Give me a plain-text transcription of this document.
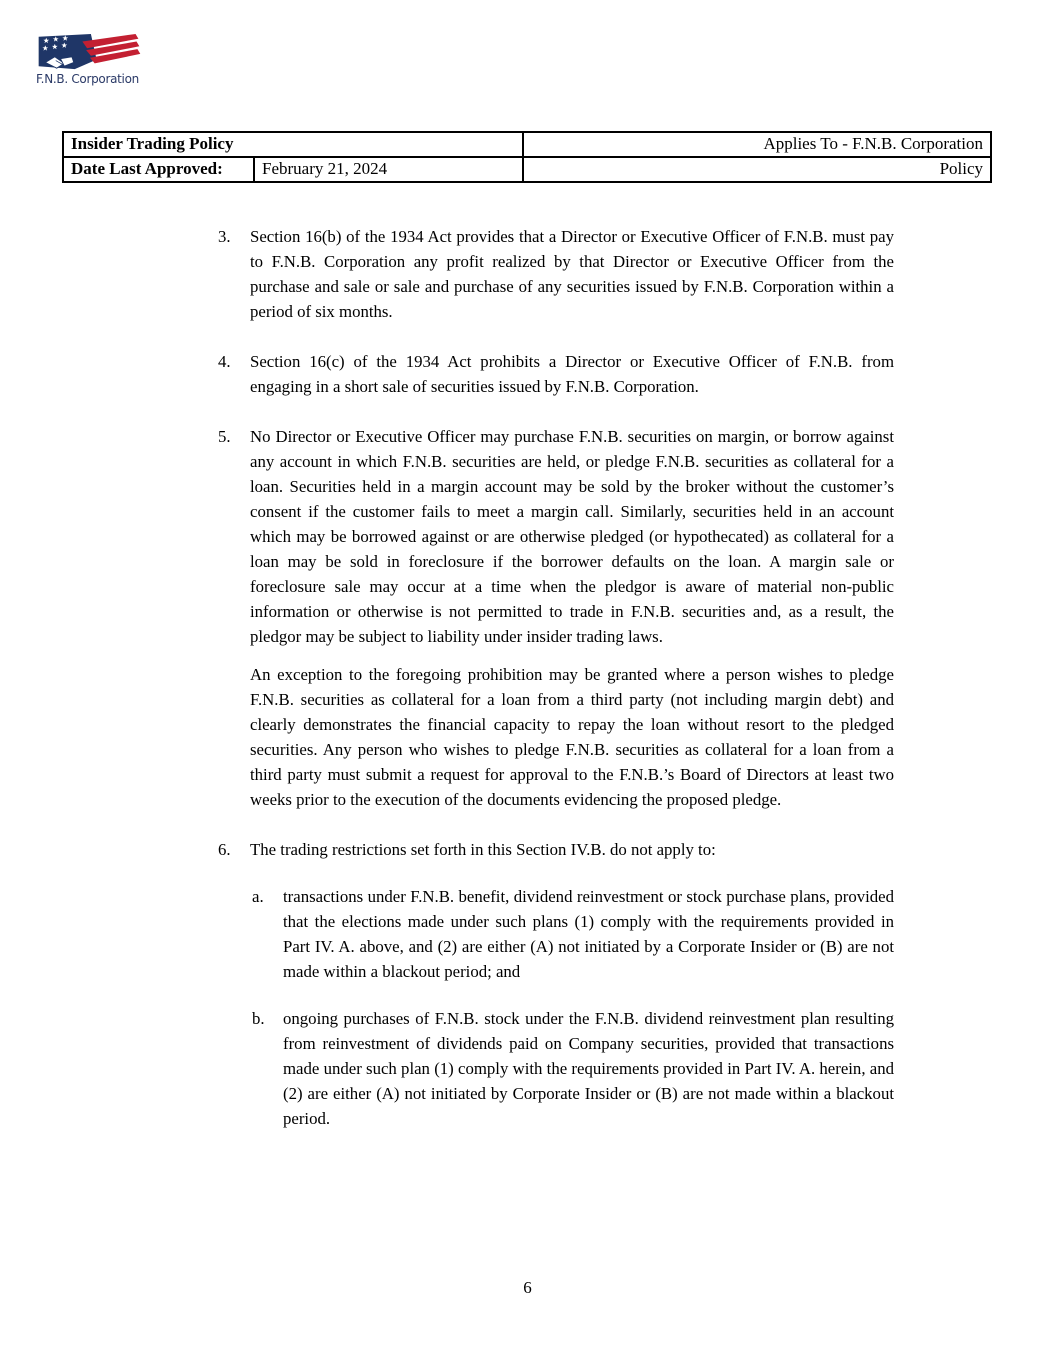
F.N.B. Corporation
Insider Trading Policy		Applies To - F.N.B. Corporation
Date Last Approved:	February 21, 2024	Policy
3.	Section 16(b) of the 1934 Act provides that a Director or Executive Officer of F.N.B. must pay to F.N.B. Corporation any profit realized by that Director or Executive Officer from the purchase and sale or sale and purchase of any securities issued by F.N.B. Corporation within a period of six months.

4.	Section 16(c) of the 1934 Act prohibits a Director or Executive Officer of F.N.B. from engaging in a short sale of securities issued by F.N.B. Corporation.

5.	No Director or Executive Officer may purchase F.N.B. securities on margin, or borrow against any account in which F.N.B. securities are held, or pledge F.N.B. securities as collateral for a loan. Securities held in a margin account may be sold by the broker without the customer’s consent if the customer fails to meet a margin call. Similarly, securities held in an account which may be borrowed against or are otherwise pledged (or hypothecated) as collateral for a loan may be sold in foreclosure if the borrower defaults on the loan. A margin sale or foreclosure sale may occur at a time when the pledgor is aware of material non-public information or otherwise is not permitted to trade in F.N.B. securities and, as a result, the pledgor may be subject to liability under insider trading laws.

An exception to the foregoing prohibition may be granted where a person wishes to pledge F.N.B. securities as collateral for a loan from a third party (not including margin debt) and clearly demonstrates the financial capacity to repay the loan without resort to the pledged securities. Any person who wishes to pledge F.N.B. securities as collateral for a loan from a third party must submit a request for approval to the F.N.B.’s Board of Directors at least two weeks prior to the execution of the documents evidencing the proposed pledge.

6.	The trading restrictions set forth in this Section IV.B. do not apply to:

a.	transactions under F.N.B. benefit, dividend reinvestment or stock purchase plans, provided that the elections made under such plans (1) comply with the requirements provided in Part IV. A. above, and (2) are either (A) not initiated by a Corporate Insider or (B) are not made within a blackout period; and
b.	ongoing purchases of F.N.B. stock under the F.N.B. dividend reinvestment plan resulting from reinvestment of dividends paid on Company securities, provided that transactions made under such plan (1) comply with the requirements provided in Part IV. A. herein, and (2) are either (A) not initiated by Corporate Insider or (B) are not made within a blackout period.
6
